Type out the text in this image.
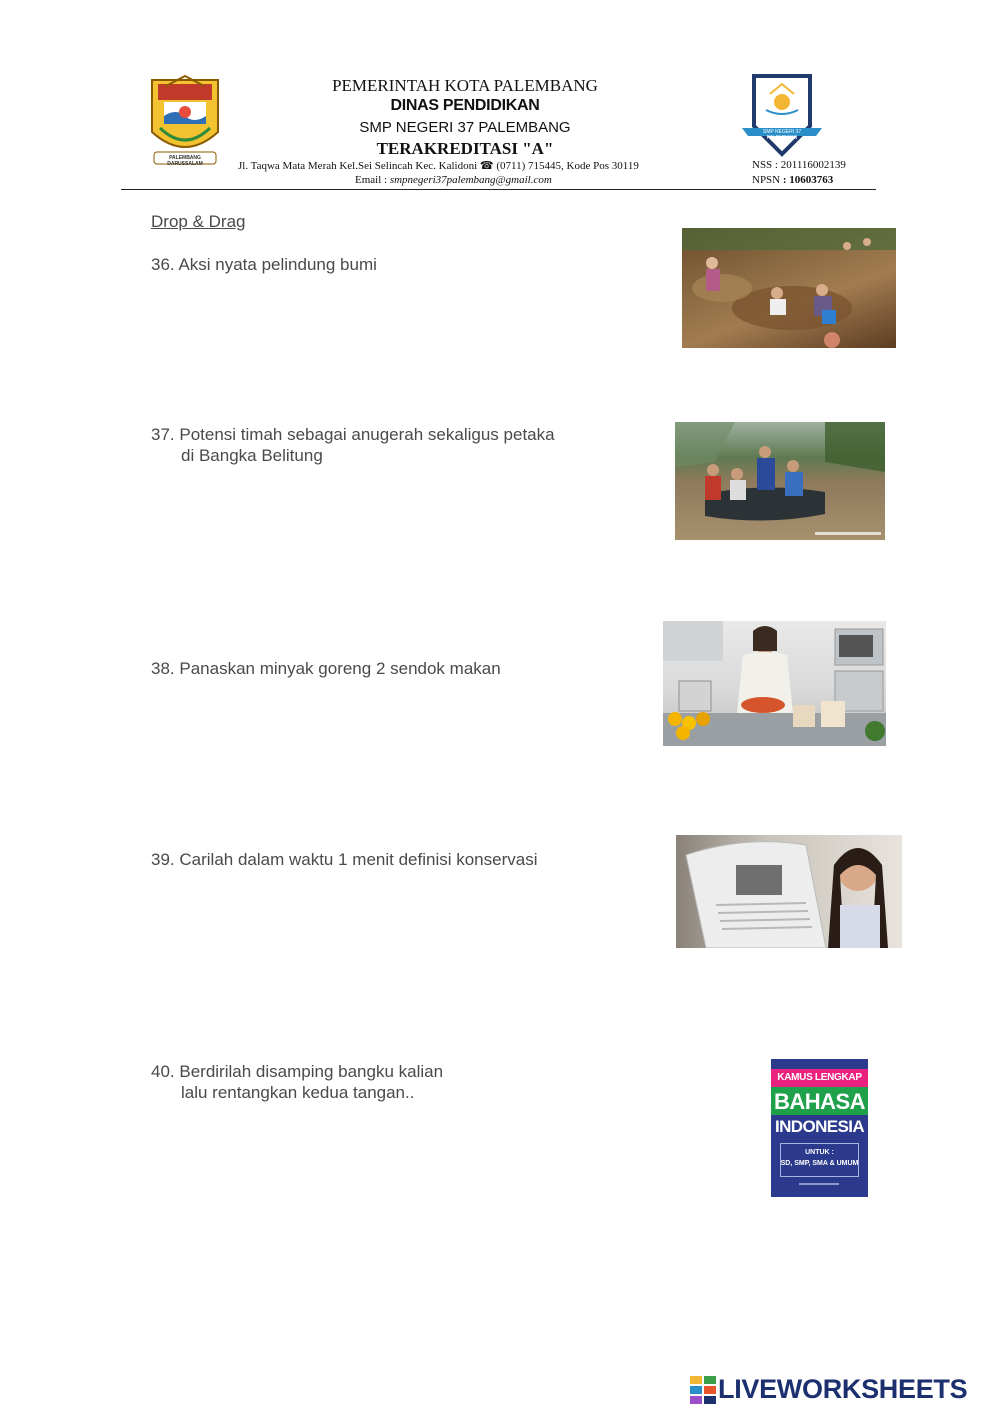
PALEMBANG DARUSSALAM
SMP NEGERI 37 PALEMBANG
PEMERINTAH KOTA PALEMBANG
DINAS PENDIDIKAN
SMP NEGERI 37 PALEMBANG
TERAKREDITASI "A"
Jl. Taqwa Mata Merah Kel.Sei Selincah Kec. Kalidoni ☎ (0711) 715445, Kode Pos 30119
Email : smpnegeri37palembang@gmail.com
NSS : 201116002139
NPSN : 10603763
Drop & Drag
36. Aksi nyata pelindung bumi
37. Potensi timah sebagai anugerah sekaligus petaka
di Bangka Belitung
38. Panaskan minyak goreng 2 sendok makan
39. Carilah dalam waktu 1 menit definisi konservasi
40. Berdirilah disamping bangku kalian
lalu rentangkan kedua tangan..
KAMUS LENGKAP
BAHASA
INDONESIA
UNTUK :
SD, SMP, SMA & UMUM
LIVEWORKSHEETS
